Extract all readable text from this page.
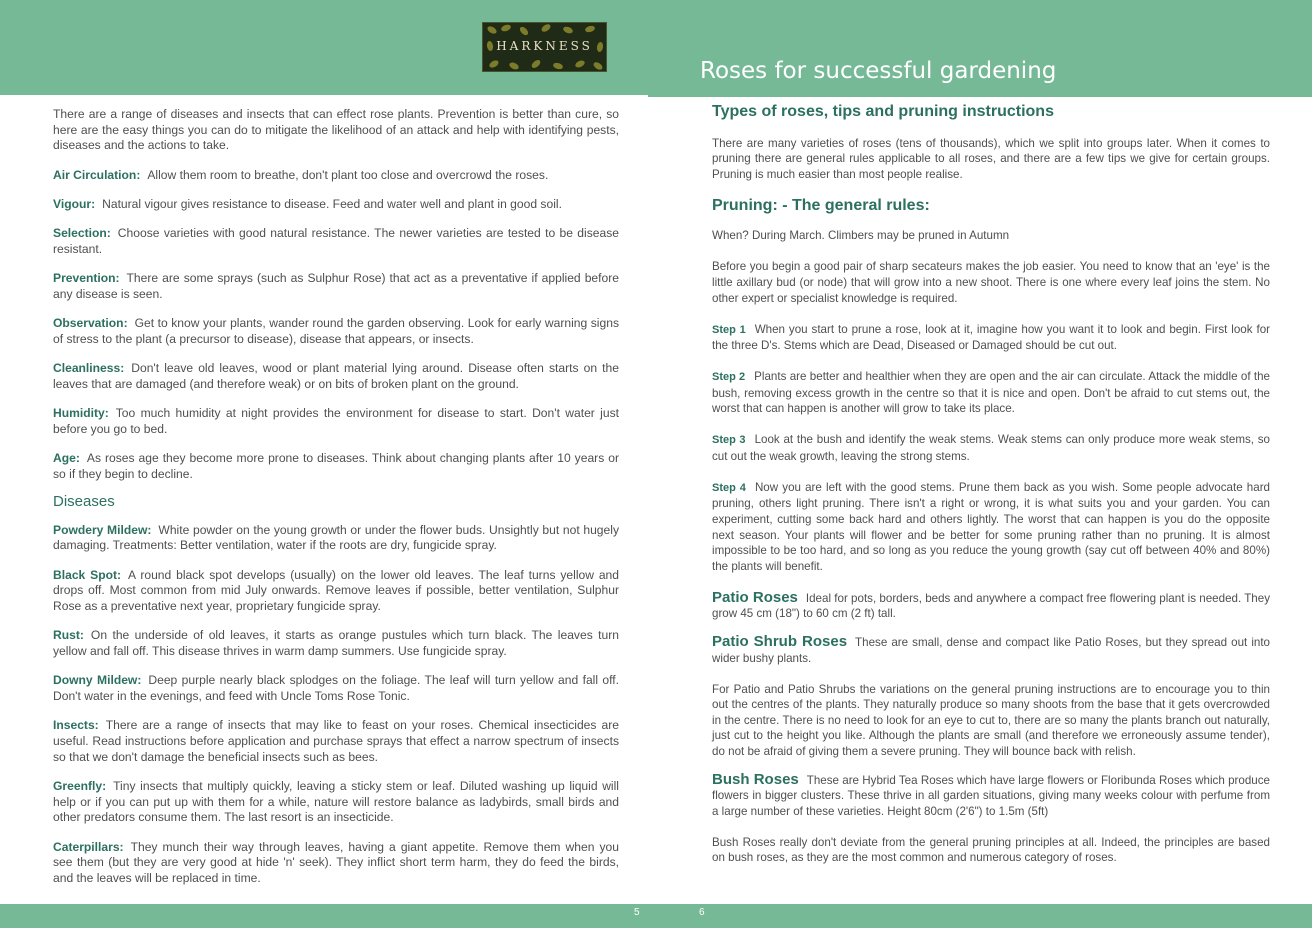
HARKNESS
Roses for successful gardening

There are a range of diseases and insects that can effect rose plants. Prevention is better than cure, so here are the easy things you can do to mitigate the likelihood of an attack and help with identifying pests, diseases and the actions to take.

Air Circulation: Allow them room to breathe, don't plant too close and overcrowd the roses.

Vigour: Natural vigour gives resistance to disease. Feed and water well and plant in good soil.

Selection: Choose varieties with good natural resistance. The newer varieties are tested to be disease resistant.

Prevention: There are some sprays (such as Sulphur Rose) that act as a preventative if applied before any disease is seen.

Observation: Get to know your plants, wander round the garden observing. Look for early warning signs of stress to the plant (a precursor to disease), disease that appears, or insects.

Cleanliness: Don't leave old leaves, wood or plant material lying around. Disease often starts on the leaves that are damaged (and therefore weak) or on bits of broken plant on the ground.

Humidity: Too much humidity at night provides the environment for disease to start. Don't water just before you go to bed.

Age: As roses age they become more prone to diseases. Think about changing plants after 10 years or so if they begin to decline.

Diseases

Powdery Mildew: White powder on the young growth or under the flower buds. Unsightly but not hugely damaging. Treatments: Better ventilation, water if the roots are dry, fungicide spray.

Black Spot: A round black spot develops (usually) on the lower old leaves. The leaf turns yellow and drops off. Most common from mid July onwards. Remove leaves if possible, better ventilation, Sulphur Rose as a preventative next year, proprietary fungicide spray.

Rust: On the underside of old leaves, it starts as orange pustules which turn black. The leaves turn yellow and fall off. This disease thrives in warm damp summers. Use fungicide spray.

Downy Mildew: Deep purple nearly black splodges on the foliage. The leaf will turn yellow and fall off. Don't water in the evenings, and feed with Uncle Toms Rose Tonic.

Insects: There are a range of insects that may like to feast on your roses. Chemical insecticides are useful. Read instructions before application and purchase sprays that effect a narrow spectrum of insects so that we don't damage the beneficial insects such as bees.

Greenfly: Tiny insects that multiply quickly, leaving a sticky stem or leaf. Diluted washing up liquid will help or if you can put up with them for a while, nature will restore balance as ladybirds, small birds and other predators consume them. The last resort is an insecticide.

Caterpillars: They munch their way through leaves, having a giant appetite. Remove them when you see them (but they are very good at hide 'n' seek). They inflict short term harm, they do feed the birds, and the leaves will be replaced in time.

Types of roses, tips and pruning instructions

There are many varieties of roses (tens of thousands), which we split into groups later. When it comes to pruning there are general rules applicable to all roses, and there are a few tips we give for certain groups. Pruning is much easier than most people realise.

Pruning: - The general rules:

When? During March. Climbers may be pruned in Autumn

Before you begin a good pair of sharp secateurs makes the job easier. You need to know that an 'eye' is the little axillary bud (or node) that will grow into a new shoot. There is one where every leaf joins the stem. No other expert or specialist knowledge is required.

Step 1 When you start to prune a rose, look at it, imagine how you want it to look and begin. First look for the three D's. Stems which are Dead, Diseased or Damaged should be cut out.

Step 2 Plants are better and healthier when they are open and the air can circulate. Attack the middle of the bush, removing excess growth in the centre so that it is nice and open. Don't be afraid to cut stems out, the worst that can happen is another will grow to take its place.

Step 3 Look at the bush and identify the weak stems. Weak stems can only produce more weak stems, so cut out the weak growth, leaving the strong stems.

Step 4 Now you are left with the good stems. Prune them back as you wish. Some people advocate hard pruning, others light pruning. There isn't a right or wrong, it is what suits you and your garden. You can experiment, cutting some back hard and others lightly. The worst that can happen is you do the opposite next season. Your plants will flower and be better for some pruning rather than no pruning. It is almost impossible to be too hard, and so long as you reduce the young growth (say cut off between 40% and 80%) the plants will benefit.

Patio Roses Ideal for pots, borders, beds and anywhere a compact free flowering plant is needed. They grow 45 cm (18") to 60 cm (2 ft) tall.

Patio Shrub Roses These are small, dense and compact like Patio Roses, but they spread out into wider bushy plants.

For Patio and Patio Shrubs the variations on the general pruning instructions are to encourage you to thin out the centres of the plants. They naturally produce so many shoots from the base that it gets overcrowded in the centre. There is no need to look for an eye to cut to, there are so many the plants branch out naturally, just cut to the height you like. Although the plants are small (and therefore we erroneously assume tender), do not be afraid of giving them a severe pruning. They will bounce back with relish.

Bush Roses These are Hybrid Tea Roses which have large flowers or Floribunda Roses which produce flowers in bigger clusters. These thrive in all garden situations, giving many weeks colour with perfume from a large number of these varieties. Height 80cm (2'6") to 1.5m (5ft)

Bush Roses really don't deviate from the general pruning principles at all. Indeed, the principles are based on bush roses, as they are the most common and numerous category of roses.

5	6
